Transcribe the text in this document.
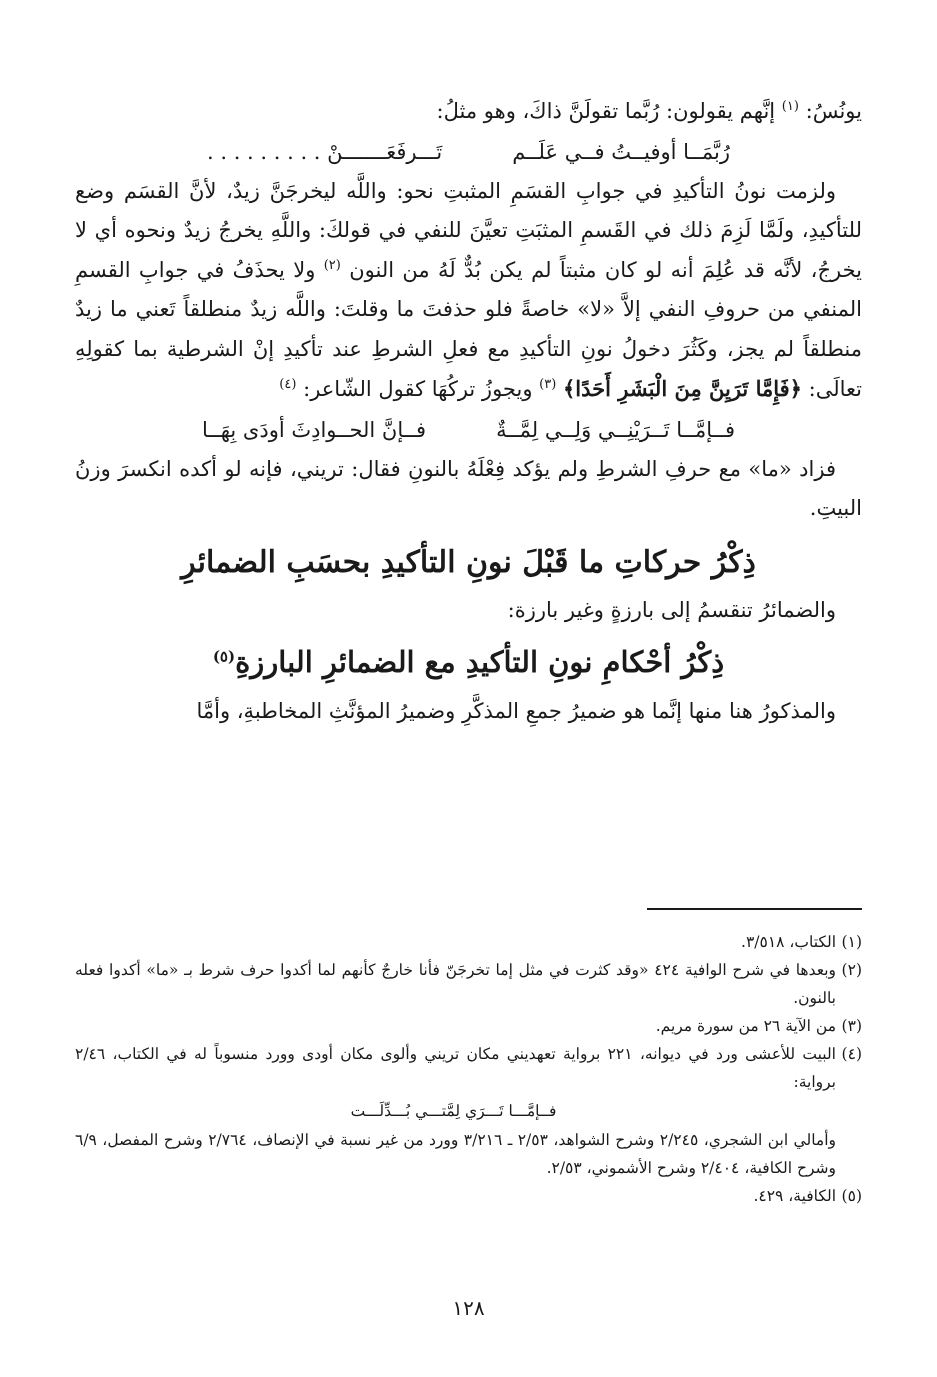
يونُسُ: $^{(١)}$ إنَّهم يقولون: رُبَّما تقولَنَّ ذاكَ، وهو مثلُ:

رُبَّمَــا أوفيــتُ فــي عَلَــم
تَـــرفَعَـــــــنْ . . . . . . . . .

ولزمت نونُ التأكيدِ في جوابِ القسَمِ المثبتِ نحو: واللَّه ليخرجَنَّ زيدٌ، لأنَّ القسَم وضع للتأكيدِ، ولَمَّا لَزِمَ ذلك في القَسمِ المثبَتِ تعيَّنَ للنفي في قولكَ: واللَّهِ يخرجُ زيدٌ ونحوه أي لا يخرجُ، لأنَّه قد عُلِمَ أنه لو كان مثبتاً لم يكن بُدٌّ لَهُ من النون $^{(٢)}$ ولا يحذَفُ في جوابِ القسمِ المنفي من حروفِ النفي إلاَّ «لا» خاصةً فلو حذفتَ ما وقلتَ: واللَّه زيدٌ منطلقاً تَعني ما زيدٌ منطلقاً لم يجز، وكَثُرَ دخولُ نونِ التأكيدِ مع فعلِ الشرطِ عند تأكيدِ إنْ الشرطية بما كقولِهِ تعالَى: ﴿فَإِمَّا تَرَيِنَّ مِنَ الْبَشَرِ أَحَدًا﴾ $^{(٣)}$ ويجوزُ تركُهَا كقول الشّاعر: $^{(٤)}$

فــإمَّــا تَــرَيْنِــي وَلِــي لِمَّــةٌ
فــإنَّ الحــوادِثَ أودَى بِهَــا

فزاد «ما» مع حرفِ الشرطِ ولم يؤكد فِعْلَهُ بالنونِ فقال: تريني، فإنه لو أكده انكسرَ وزنُ البيتِ.

ذِكْرُ حركاتِ ما قَبْلَ نونِ التأكيدِ بحسَبِ الضمائرِ

والضمائرُ تنقسمُ إلى بارزةٍ وغير بارزة:

ذِكْرُ أحْكامِ نونِ التأكيدِ مع الضمائرِ البارزةِ$^{(٥)}$

والمذكورُ هنا منها إنَّما هو ضميرُ جمعِ المذكَّرِ وضميرُ المؤنَّثِ المخاطبةِ، وأمَّا

(١)
الكتاب، ٣/٥١٨.
(٢)
وبعدها في شرح الوافية ٤٢٤ «وقد كثرت في مثل إما تخرجَنّ فأنا خارجٌ كأنهم لما أكدوا حرف شرط بـ «ما» أكدوا فعله بالنون.
(٣)
من الآية ٢٦ من سورة مريم.
(٤)
البيت للأعشى ورد في ديوانه، ٢٢١ برواية تعهديني مكان تريني وألوى مكان أودى وورد منسوباً له في الكتاب، ٢/٤٦ برواية:
فــإمَّـــا تَـــرَي لِمَّتـــي بُـــدِّلَـــت
وأمالي ابن الشجري، ٢/٢٤٥ وشرح الشواهد، ٢/٥٣ ـ ٣/٢١٦ وورد من غير نسبة في الإنصاف، ٢/٧٦٤ وشرح المفصل، ٦/٩ وشرح الكافية، ٢/٤٠٤ وشرح الأشموني، ٢/٥٣.
(٥)
الكافية، ٤٢٩.
١٢٨
